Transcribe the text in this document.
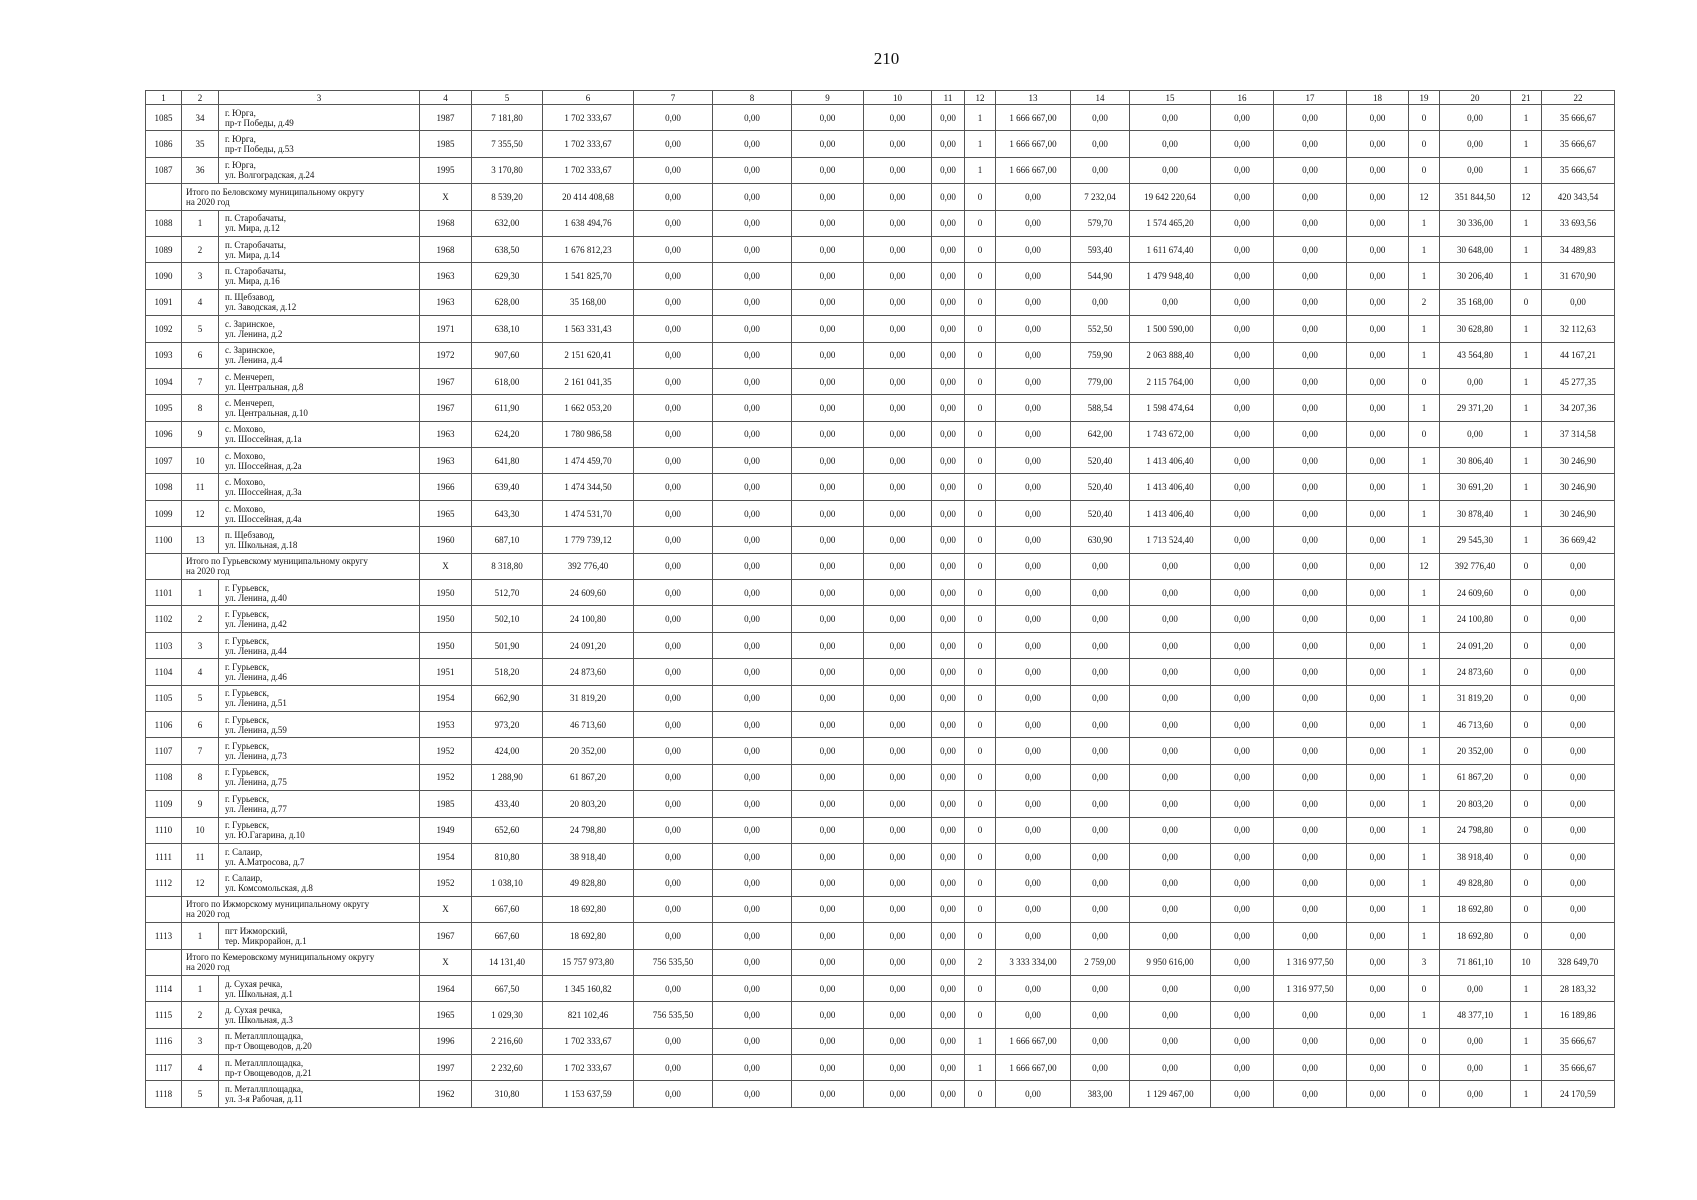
210
1	2	3	4	5	6	7	8	9	10	11	12	13	14	15	16	17	18	19	20	21	22
1085	34	г. Юрга,
пр-т Победы, д.49	1987	7 181,80	1 702 333,67	0,00	0,00	0,00	0,00	0,00	1	1 666 667,00	0,00	0,00	0,00	0,00	0,00	0	0,00	1	35 666,67
1086	35	г. Юрга,
пр-т Победы, д.53	1985	7 355,50	1 702 333,67	0,00	0,00	0,00	0,00	0,00	1	1 666 667,00	0,00	0,00	0,00	0,00	0,00	0	0,00	1	35 666,67
1087	36	г. Юрга,
ул. Волгоградская, д.24	1995	3 170,80	1 702 333,67	0,00	0,00	0,00	0,00	0,00	1	1 666 667,00	0,00	0,00	0,00	0,00	0,00	0	0,00	1	35 666,67

	Итого по Беловскому муниципальному округу
на 2020 год		X	8 539,20	20 414 408,68	0,00	0,00	0,00	0,00	0,00	0	0,00	7 232,04	19 642 220,64	0,00	0,00	0,00	12	351 844,50	12	420 343,54
1088	1	п. Старобачаты,
ул. Мира, д.12	1968	632,00	1 638 494,76	0,00	0,00	0,00	0,00	0,00	0	0,00	579,70	1 574 465,20	0,00	0,00	0,00	1	30 336,00	1	33 693,56
1089	2	п. Старобачаты,
ул. Мира, д.14	1968	638,50	1 676 812,23	0,00	0,00	0,00	0,00	0,00	0	0,00	593,40	1 611 674,40	0,00	0,00	0,00	1	30 648,00	1	34 489,83
1090	3	п. Старобачаты,
ул. Мира, д.16	1963	629,30	1 541 825,70	0,00	0,00	0,00	0,00	0,00	0	0,00	544,90	1 479 948,40	0,00	0,00	0,00	1	30 206,40	1	31 670,90
1091	4	п. Щебзавод,
ул. Заводская, д.12	1963	628,00	35 168,00	0,00	0,00	0,00	0,00	0,00	0	0,00	0,00	0,00	0,00	0,00	0,00	2	35 168,00	0	0,00
1092	5	с. Заринское,
ул. Ленина, д.2	1971	638,10	1 563 331,43	0,00	0,00	0,00	0,00	0,00	0	0,00	552,50	1 500 590,00	0,00	0,00	0,00	1	30 628,80	1	32 112,63
1093	6	с. Заринское,
ул. Ленина, д.4	1972	907,60	2 151 620,41	0,00	0,00	0,00	0,00	0,00	0	0,00	759,90	2 063 888,40	0,00	0,00	0,00	1	43 564,80	1	44 167,21
1094	7	с. Менчереп,
ул. Центральная, д.8	1967	618,00	2 161 041,35	0,00	0,00	0,00	0,00	0,00	0	0,00	779,00	2 115 764,00	0,00	0,00	0,00	0	0,00	1	45 277,35
1095	8	с. Менчереп,
ул. Центральная, д.10	1967	611,90	1 662 053,20	0,00	0,00	0,00	0,00	0,00	0	0,00	588,54	1 598 474,64	0,00	0,00	0,00	1	29 371,20	1	34 207,36
1096	9	с. Мохово,
ул. Шоссейная, д.1а	1963	624,20	1 780 986,58	0,00	0,00	0,00	0,00	0,00	0	0,00	642,00	1 743 672,00	0,00	0,00	0,00	0	0,00	1	37 314,58
1097	10	с. Мохово,
ул. Шоссейная, д.2а	1963	641,80	1 474 459,70	0,00	0,00	0,00	0,00	0,00	0	0,00	520,40	1 413 406,40	0,00	0,00	0,00	1	30 806,40	1	30 246,90
1098	11	с. Мохово,
ул. Шоссейная, д.3а	1966	639,40	1 474 344,50	0,00	0,00	0,00	0,00	0,00	0	0,00	520,40	1 413 406,40	0,00	0,00	0,00	1	30 691,20	1	30 246,90
1099	12	с. Мохово,
ул. Шоссейная, д.4а	1965	643,30	1 474 531,70	0,00	0,00	0,00	0,00	0,00	0	0,00	520,40	1 413 406,40	0,00	0,00	0,00	1	30 878,40	1	30 246,90
1100	13	п. Щебзавод,
ул. Школьная, д.18	1960	687,10	1 779 739,12	0,00	0,00	0,00	0,00	0,00	0	0,00	630,90	1 713 524,40	0,00	0,00	0,00	1	29 545,30	1	36 669,42

	Итого по Гурьевскому муниципальному округу
на 2020 год		X	8 318,80	392 776,40	0,00	0,00	0,00	0,00	0,00	0	0,00	0,00	0,00	0,00	0,00	0,00	12	392 776,40	0	0,00
1101	1	г. Гурьевск,
ул. Ленина, д.40	1950	512,70	24 609,60	0,00	0,00	0,00	0,00	0,00	0	0,00	0,00	0,00	0,00	0,00	0,00	1	24 609,60	0	0,00
1102	2	г. Гурьевск,
ул. Ленина, д.42	1950	502,10	24 100,80	0,00	0,00	0,00	0,00	0,00	0	0,00	0,00	0,00	0,00	0,00	0,00	1	24 100,80	0	0,00
1103	3	г. Гурьевск,
ул. Ленина, д.44	1950	501,90	24 091,20	0,00	0,00	0,00	0,00	0,00	0	0,00	0,00	0,00	0,00	0,00	0,00	1	24 091,20	0	0,00
1104	4	г. Гурьевск,
ул. Ленина, д.46	1951	518,20	24 873,60	0,00	0,00	0,00	0,00	0,00	0	0,00	0,00	0,00	0,00	0,00	0,00	1	24 873,60	0	0,00
1105	5	г. Гурьевск,
ул. Ленина, д.51	1954	662,90	31 819,20	0,00	0,00	0,00	0,00	0,00	0	0,00	0,00	0,00	0,00	0,00	0,00	1	31 819,20	0	0,00
1106	6	г. Гурьевск,
ул. Ленина, д.59	1953	973,20	46 713,60	0,00	0,00	0,00	0,00	0,00	0	0,00	0,00	0,00	0,00	0,00	0,00	1	46 713,60	0	0,00
1107	7	г. Гурьевск,
ул. Ленина, д.73	1952	424,00	20 352,00	0,00	0,00	0,00	0,00	0,00	0	0,00	0,00	0,00	0,00	0,00	0,00	1	20 352,00	0	0,00
1108	8	г. Гурьевск,
ул. Ленина, д.75	1952	1 288,90	61 867,20	0,00	0,00	0,00	0,00	0,00	0	0,00	0,00	0,00	0,00	0,00	0,00	1	61 867,20	0	0,00
1109	9	г. Гурьевск,
ул. Ленина, д.77	1985	433,40	20 803,20	0,00	0,00	0,00	0,00	0,00	0	0,00	0,00	0,00	0,00	0,00	0,00	1	20 803,20	0	0,00
1110	10	г. Гурьевск,
ул. Ю.Гагарина, д.10	1949	652,60	24 798,80	0,00	0,00	0,00	0,00	0,00	0	0,00	0,00	0,00	0,00	0,00	0,00	1	24 798,80	0	0,00
1111	11	г. Салаир,
ул. А.Матросова, д.7	1954	810,80	38 918,40	0,00	0,00	0,00	0,00	0,00	0	0,00	0,00	0,00	0,00	0,00	0,00	1	38 918,40	0	0,00
1112	12	г. Салаир,
ул. Комсомольская, д.8	1952	1 038,10	49 828,80	0,00	0,00	0,00	0,00	0,00	0	0,00	0,00	0,00	0,00	0,00	0,00	1	49 828,80	0	0,00

	Итого по Ижморскому муниципальному округу
на 2020 год		X	667,60	18 692,80	0,00	0,00	0,00	0,00	0,00	0	0,00	0,00	0,00	0,00	0,00	0,00	1	18 692,80	0	0,00
1113	1	пгт Ижморский,
тер. Микрорайон, д.1	1967	667,60	18 692,80	0,00	0,00	0,00	0,00	0,00	0	0,00	0,00	0,00	0,00	0,00	0,00	1	18 692,80	0	0,00

	Итого по Кемеровскому муниципальному округу
на 2020 год		X	14 131,40	15 757 973,80	756 535,50	0,00	0,00	0,00	0,00	2	3 333 334,00	2 759,00	9 950 616,00	0,00	1 316 977,50	0,00	3	71 861,10	10	328 649,70
1114	1	д. Сухая речка,
ул. Школьная, д.1	1964	667,50	1 345 160,82	0,00	0,00	0,00	0,00	0,00	0	0,00	0,00	0,00	0,00	1 316 977,50	0,00	0	0,00	1	28 183,32
1115	2	д. Сухая речка,
ул. Школьная, д.3	1965	1 029,30	821 102,46	756 535,50	0,00	0,00	0,00	0,00	0	0,00	0,00	0,00	0,00	0,00	0,00	1	48 377,10	1	16 189,86
1116	3	п. Металлплощадка,
пр-т Овощеводов, д.20	1996	2 216,60	1 702 333,67	0,00	0,00	0,00	0,00	0,00	1	1 666 667,00	0,00	0,00	0,00	0,00	0,00	0	0,00	1	35 666,67
1117	4	п. Металлплощадка,
пр-т Овощеводов, д.21	1997	2 232,60	1 702 333,67	0,00	0,00	0,00	0,00	0,00	1	1 666 667,00	0,00	0,00	0,00	0,00	0,00	0	0,00	1	35 666,67
1118	5	п. Металлплощадка,
ул. 3-я Рабочая, д.11	1962	310,80	1 153 637,59	0,00	0,00	0,00	0,00	0,00	0	0,00	383,00	1 129 467,00	0,00	0,00	0,00	0	0,00	1	24 170,59
